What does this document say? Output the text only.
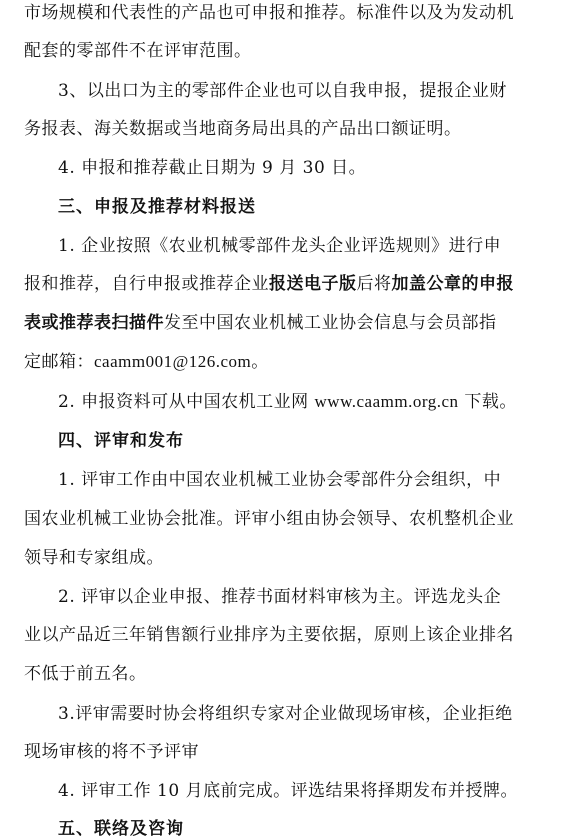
市场规模和代表性的产品也可申报和推荐。标准件以及为发动机
配套的零部件不在评审范围。
3、以出口为主的零部件企业也可以自我申报，提报企业财
务报表、海关数据或当地商务局出具的产品出口额证明。
4. 申报和推荐截止日期为 9 月 30 日。
三、申报及推荐材料报送
1. 企业按照《农业机械零部件龙头企业评选规则》进行申
报和推荐，自行申报或推荐企业报送电子版后将加盖公章的申报
表或推荐表扫描件发至中国农业机械工业协会信息与会员部指
定邮箱：caamm001@126.com。
2. 申报资料可从中国农机工业网 www.caamm.org.cn 下载。
四、评审和发布
1. 评审工作由中国农业机械工业协会零部件分会组织，中
国农业机械工业协会批准。评审小组由协会领导、农机整机企业
领导和专家组成。
2. 评审以企业申报、推荐书面材料审核为主。评选龙头企
业以产品近三年销售额行业排序为主要依据，原则上该企业排名
不低于前五名。
3.评审需要时协会将组织专家对企业做现场审核，企业拒绝
现场审核的将不予评审
4. 评审工作 10 月底前完成。评选结果将择期发布并授牌。
五、联络及咨询
